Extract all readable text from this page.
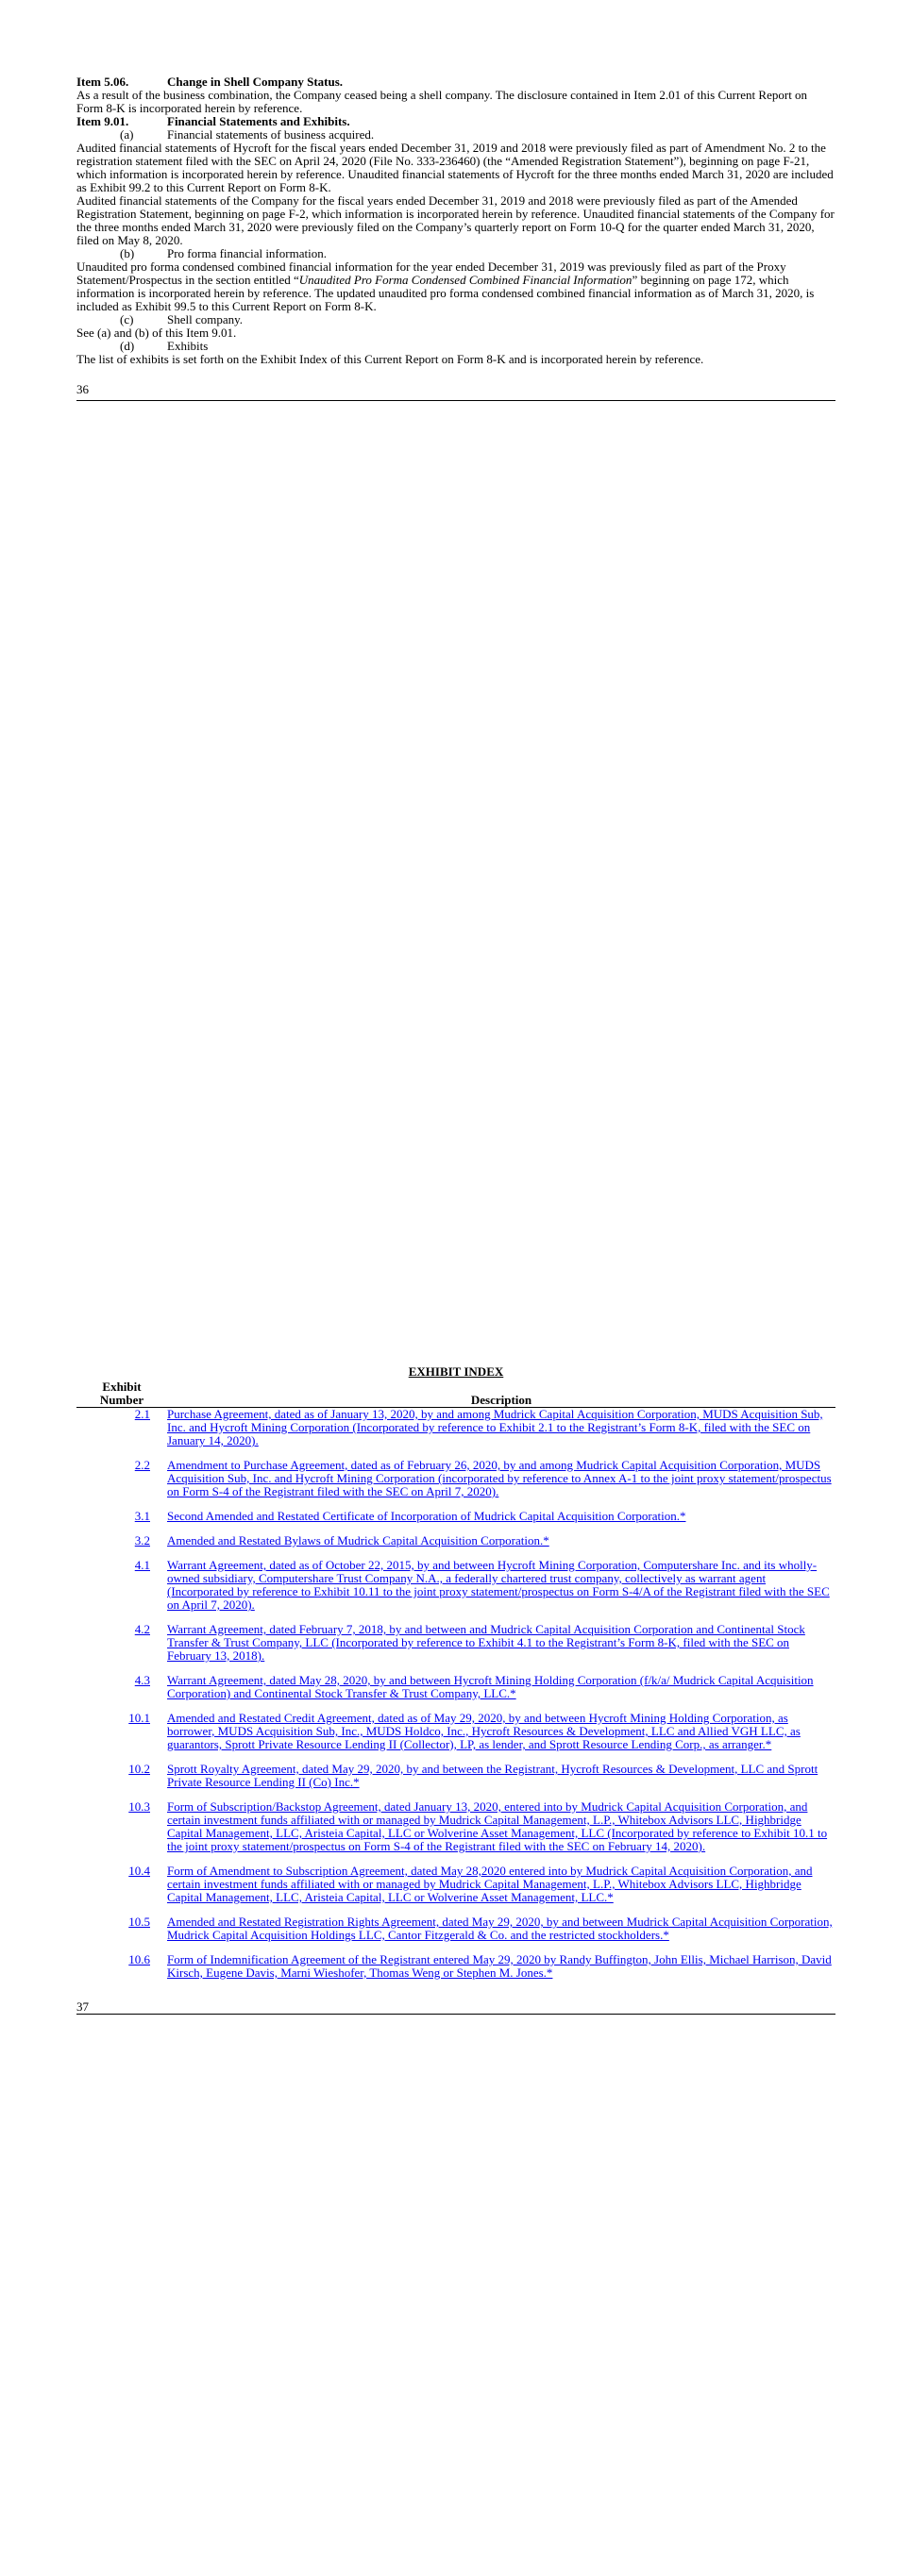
Item 5.06.	Change in Shell Company Status.

As a result of the business combination, the Company ceased being a shell company. The disclosure contained in Item 2.01 of this Current Report on Form 8-K is incorporated herein by reference.

Item 9.01.	Financial Statements and Exhibits.
(a)	Financial statements of business acquired.

Audited financial statements of Hycroft for the fiscal years ended December 31, 2019 and 2018 were previously filed as part of Amendment No. 2 to the registration statement filed with the SEC on April 24, 2020 (File No. 333-236460) (the “Amended Registration Statement”), beginning on page F-21, which information is incorporated herein by reference. Unaudited financial statements of Hycroft for the three months ended March 31, 2020 are included as Exhibit 99.2 to this Current Report on Form 8-K.

Audited financial statements of the Company for the fiscal years ended December 31, 2019 and 2018 were previously filed as part of the Amended Registration Statement, beginning on page F-2, which information is incorporated herein by reference. Unaudited financial statements of the Company for the three months ended March 31, 2020 were previously filed on the Company’s quarterly report on Form 10-Q for the quarter ended March 31, 2020, filed on May 8, 2020.

(b)	Pro forma financial information.

Unaudited pro forma condensed combined financial information for the year ended December 31, 2019 was previously filed as part of the Proxy Statement/Prospectus in the section entitled “Unaudited Pro Forma Condensed Combined Financial Information” beginning on page 172, which information is incorporated herein by reference. The updated unaudited pro forma condensed combined financial information as of March 31, 2020, is included as Exhibit 99.5 to this Current Report on Form 8-K.

(c)	Shell company.

See (a) and (b) of this Item 9.01.

(d)	Exhibits

The list of exhibits is set forth on the Exhibit Index of this Current Report on Form 8-K and is incorporated herein by reference.

36

EXHIBIT INDEX
Exhibit
Number	Description
2.1	Purchase Agreement, dated as of January 13, 2020, by and among Mudrick Capital Acquisition Corporation, MUDS Acquisition Sub, Inc. and Hycroft Mining Corporation (Incorporated by reference to Exhibit 2.1 to the Registrant’s Form 8-K, filed with the SEC on January 14, 2020).

2.2	Amendment to Purchase Agreement, dated as of February 26, 2020, by and among Mudrick Capital Acquisition Corporation, MUDS Acquisition Sub, Inc. and Hycroft Mining Corporation (incorporated by reference to Annex A-1 to the joint proxy statement/prospectus on Form S-4 of the Registrant filed with the SEC on April 7, 2020).

3.1	Second Amended and Restated Certificate of Incorporation of Mudrick Capital Acquisition Corporation.*

3.2	Amended and Restated Bylaws of Mudrick Capital Acquisition Corporation.*

4.1	Warrant Agreement, dated as of October 22, 2015, by and between Hycroft Mining Corporation, Computershare Inc. and its wholly-owned subsidiary, Computershare Trust Company N.A., a federally chartered trust company, collectively as warrant agent (Incorporated by reference to Exhibit 10.11 to the joint proxy statement/prospectus on Form S-4/A of the Registrant filed with the SEC on April 7, 2020).

4.2	Warrant Agreement, dated February 7, 2018, by and between and Mudrick Capital Acquisition Corporation and Continental Stock Transfer & Trust Company, LLC (Incorporated by reference to Exhibit 4.1 to the Registrant’s Form 8-K, filed with the SEC on February 13, 2018).

4.3	Warrant Agreement, dated May 28, 2020, by and between Hycroft Mining Holding Corporation (f/k/a/ Mudrick Capital Acquisition Corporation) and Continental Stock Transfer & Trust Company, LLC.*

10.1	Amended and Restated Credit Agreement, dated as of May 29, 2020, by and between Hycroft Mining Holding Corporation, as borrower, MUDS Acquisition Sub, Inc., MUDS Holdco, Inc., Hycroft Resources & Development, LLC and Allied VGH LLC, as guarantors, Sprott Private Resource Lending II (Collector), LP, as lender, and Sprott Resource Lending Corp., as arranger.*

10.2	Sprott Royalty Agreement, dated May 29, 2020, by and between the Registrant, Hycroft Resources & Development, LLC and Sprott Private Resource Lending II (Co) Inc.*

10.3	Form of Subscription/Backstop Agreement, dated January 13, 2020, entered into by Mudrick Capital Acquisition Corporation, and certain investment funds affiliated with or managed by Mudrick Capital Management, L.P., Whitebox Advisors LLC, Highbridge Capital Management, LLC, Aristeia Capital, LLC or Wolverine Asset Management, LLC (Incorporated by reference to Exhibit 10.1 to the joint proxy statement/prospectus on Form S-4 of the Registrant filed with the SEC on February 14, 2020).

10.4	Form of Amendment to Subscription Agreement, dated May 28,2020 entered into by Mudrick Capital Acquisition Corporation, and certain investment funds affiliated with or managed by Mudrick Capital Management, L.P., Whitebox Advisors LLC, Highbridge Capital Management, LLC, Aristeia Capital, LLC or Wolverine Asset Management, LLC.*

10.5	Amended and Restated Registration Rights Agreement, dated May 29, 2020, by and between Mudrick Capital Acquisition Corporation, Mudrick Capital Acquisition Holdings LLC, Cantor Fitzgerald & Co. and the restricted stockholders.*

10.6	Form of Indemnification Agreement of the Registrant entered May 29, 2020 by Randy Buffington, John Ellis, Michael Harrison, David Kirsch, Eugene Davis, Marni Wieshofer, Thomas Weng or Stephen M. Jones.*

37
